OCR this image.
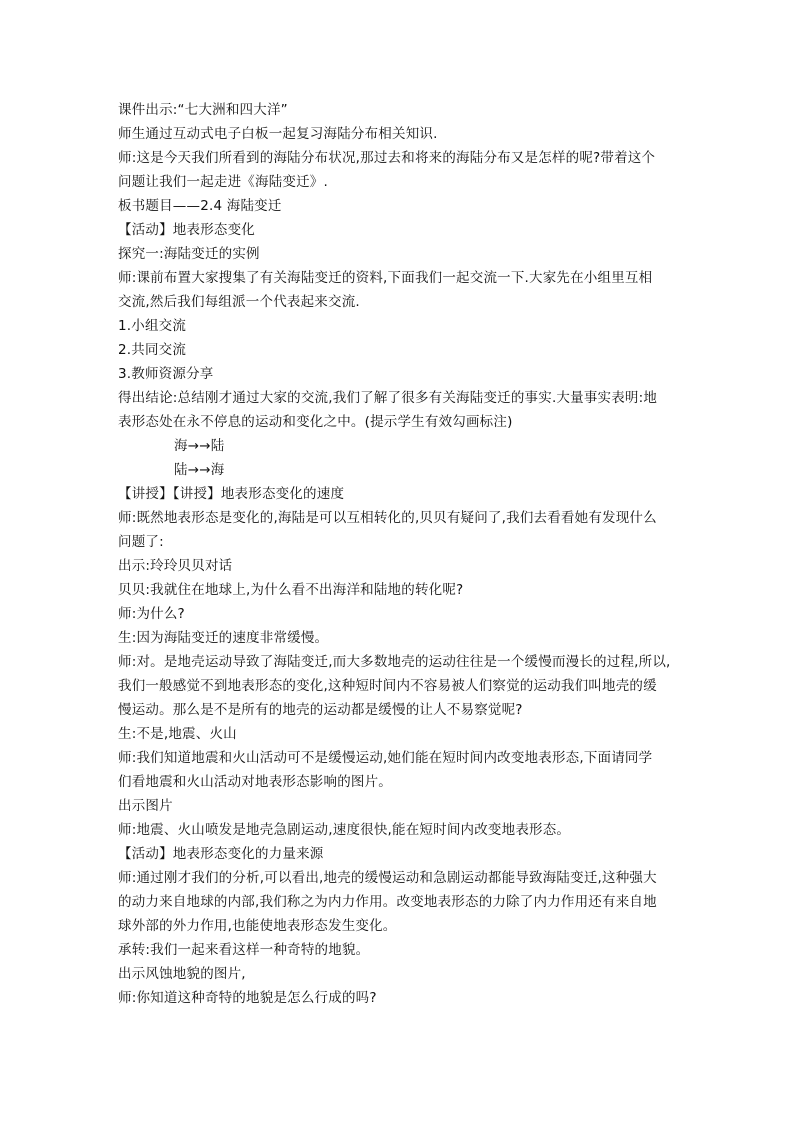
课件出示:“七大洲和四大洋”
师生通过互动式电子白板一起复习海陆分布相关知识.
师:这是今天我们所看到的海陆分布状况,那过去和将来的海陆分布又是怎样的呢?带着这个
问题让我们一起走进《海陆变迁》.
板书题目——2.4 海陆变迁
【活动】地表形态变化
探究一:海陆变迁的实例
师:课前布置大家搜集了有关海陆变迁的资料,下面我们一起交流一下.大家先在小组里互相
交流,然后我们每组派一个代表起来交流.
1.小组交流
2.共同交流
3.教师资源分享
得出结论:总结刚才通过大家的交流,我们了解了很多有关海陆变迁的事实.大量事实表明:地
表形态处在永不停息的运动和变化之中。(提示学生有效勾画标注)
海→→陆
陆→→海
【讲授】【讲授】地表形态变化的速度
师:既然地表形态是变化的,海陆是可以互相转化的,贝贝有疑问了,我们去看看她有发现什么
问题了:
出示:玲玲贝贝对话
贝贝:我就住在地球上,为什么看不出海洋和陆地的转化呢?
师:为什么?
生:因为海陆变迁的速度非常缓慢。
师:对。是地壳运动导致了海陆变迁,而大多数地壳的运动往往是一个缓慢而漫长的过程,所以,
我们一般感觉不到地表形态的变化,这种短时间内不容易被人们察觉的运动我们叫地壳的缓
慢运动。那么是不是所有的地壳的运动都是缓慢的让人不易察觉呢?
生:不是,地震、火山
师:我们知道地震和火山活动可不是缓慢运动,她们能在短时间内改变地表形态,下面请同学
们看地震和火山活动对地表形态影响的图片。
出示图片
师:地震、火山喷发是地壳急剧运动,速度很快,能在短时间内改变地表形态。
【活动】地表形态变化的力量来源
师:通过刚才我们的分析,可以看出,地壳的缓慢运动和急剧运动都能导致海陆变迁,这种强大
的动力来自地球的内部,我们称之为内力作用。改变地表形态的力除了内力作用还有来自地
球外部的外力作用,也能使地表形态发生变化。
承转:我们一起来看这样一种奇特的地貌。
出示风蚀地貌的图片,
师:你知道这种奇特的地貌是怎么行成的吗?
